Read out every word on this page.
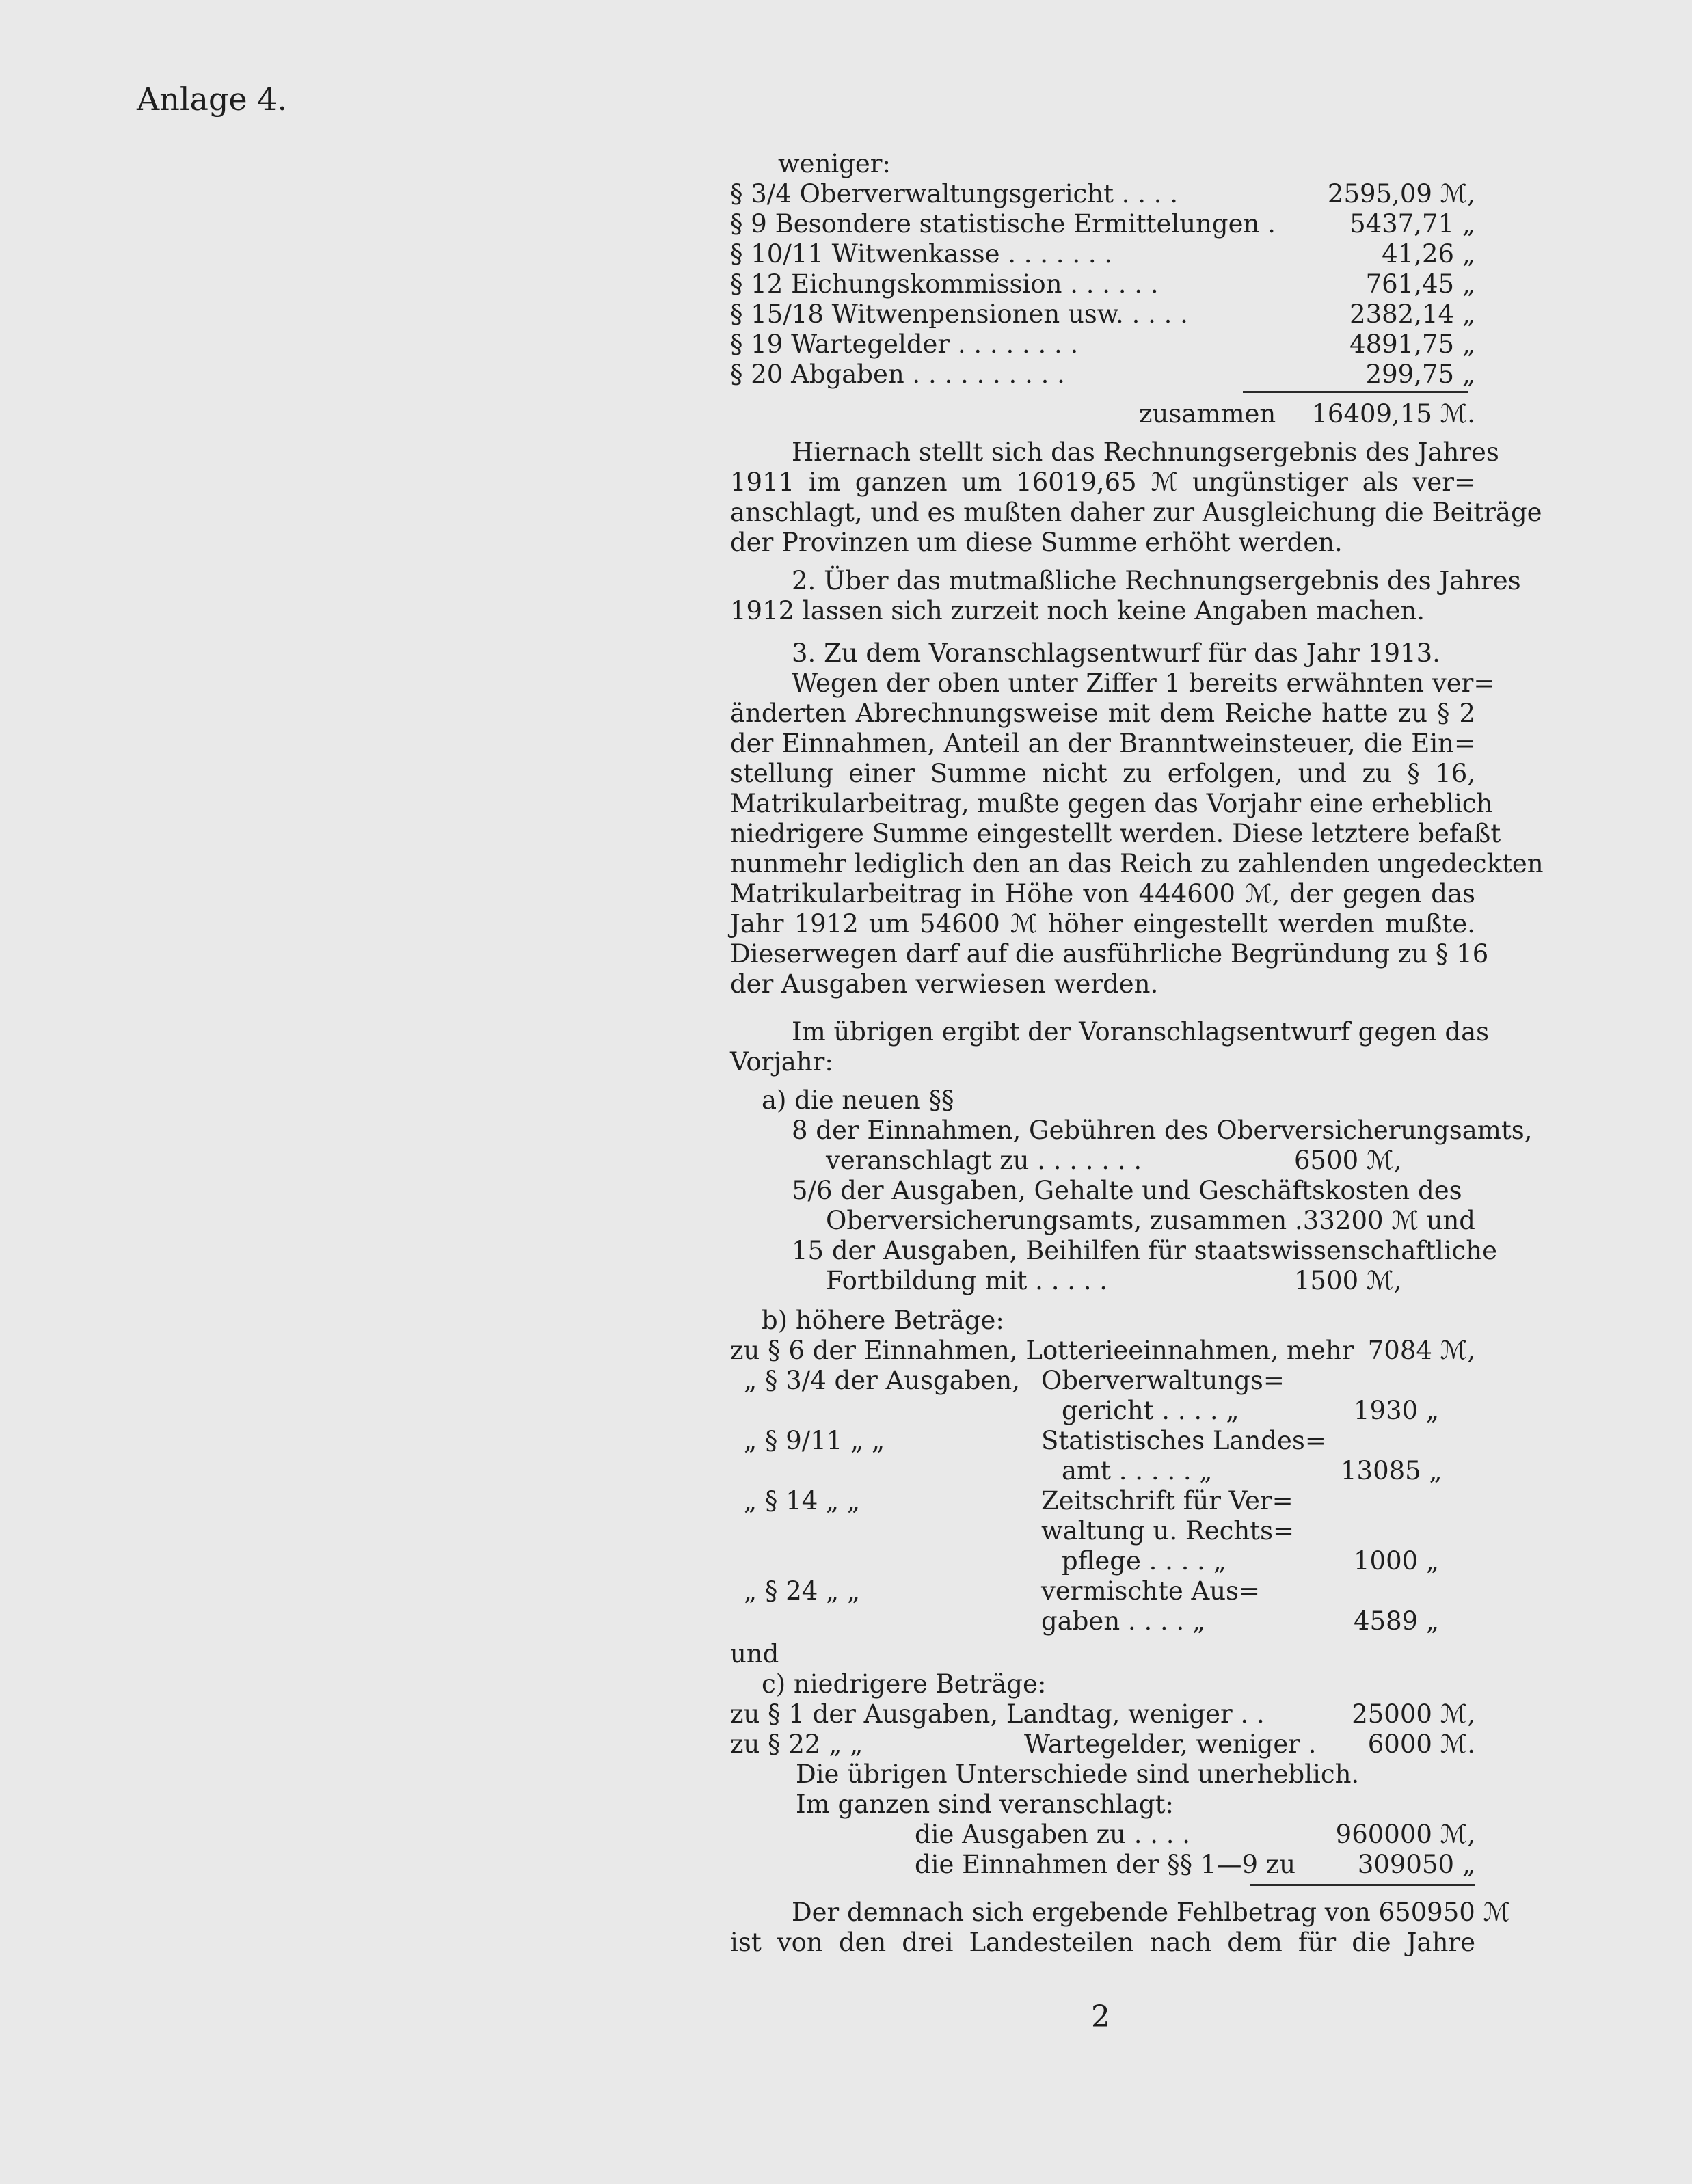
Anlage 4.
weniger:
§ 3/4 Oberverwaltungsgericht . . . .	2595,09 ℳ,
§ 9 Besondere statistische Ermittelungen .	5437,71 „
§ 10/11 Witwenkasse . . . . . . .	41,26 „
§ 12 Eichungskommission . . . . . .	761,45 „
§ 15/18 Witwenpensionen usw. . . . .	2382,14 „
§ 19 Wartegelder . . . . . . . .	4891,75 „
§ 20 Abgaben . . . . . . . . . .	299,75 „
zusammen 16409,15 ℳ.
Hiernach stellt sich das Rechnungsergebnis des Jahres
1911 im ganzen um 16019,65 ℳ ungünstiger als ver=
anschlagt, und es mußten daher zur Ausgleichung die Beiträge
der Provinzen um diese Summe erhöht werden.
2. Über das mutmaßliche Rechnungsergebnis des Jahres
1912 lassen sich zurzeit noch keine Angaben machen.
3. Zu dem Voranschlagsentwurf für das Jahr 1913.
Wegen der oben unter Ziffer 1 bereits erwähnten ver=
änderten Abrechnungsweise mit dem Reiche hatte zu § 2
der Einnahmen, Anteil an der Branntweinsteuer, die Ein=
stellung einer Summe nicht zu erfolgen, und zu § 16,
Matrikularbeitrag, mußte gegen das Vorjahr eine erheblich
niedrigere Summe eingestellt werden. Diese letztere befaßt
nunmehr lediglich den an das Reich zu zahlenden ungedeckten
Matrikularbeitrag in Höhe von 444600 ℳ, der gegen das
Jahr 1912 um 54600 ℳ höher eingestellt werden mußte.
Dieserwegen darf auf die ausführliche Begründung zu § 16
der Ausgaben verwiesen werden.
Im übrigen ergibt der Voranschlagsentwurf gegen das
Vorjahr:
a) die neuen §§
8 der Einnahmen, Gebühren des Oberversicherungsamts,
veranschlagt zu . . . . . . .	6500 ℳ,
5/6 der Ausgaben, Gehalte und Geschäftskosten des
Oberversicherungsamts, zusammen . 33200 ℳ und
15 der Ausgaben, Beihilfen für staatswissenschaftliche
Fortbildung mit . . . . .	1500 ℳ,
b) höhere Beträge:
zu § 6 der Einnahmen, Lotterieeinnahmen, mehr 7084 ℳ,
„ § 3/4 der Ausgaben, Oberverwaltungs=
gericht . . . . „	1930 „
„ § 9/11 „ „	Statistisches Landes=
amt . . . . . „	13085 „
„ § 14 „ „	Zeitschrift für Ver=
waltung u. Rechts=
pflege . . . . „	1000 „
„ § 24 „ „	vermischte Aus=
gaben . . . . „	4589 „
und
c) niedrigere Beträge:
zu § 1 der Ausgaben, Landtag, weniger . .	25000 ℳ,
zu § 22 „ „	Wartegelder, weniger . 6000 ℳ.
Die übrigen Unterschiede sind unerheblich.
Im ganzen sind veranschlagt:
die Ausgaben zu . . . .	960000 ℳ,
die Einnahmen der §§ 1—9 zu 309050 „
Der demnach sich ergebende Fehlbetrag von 650950 ℳ
ist von den drei Landesteilen nach dem für die Jahre
2
